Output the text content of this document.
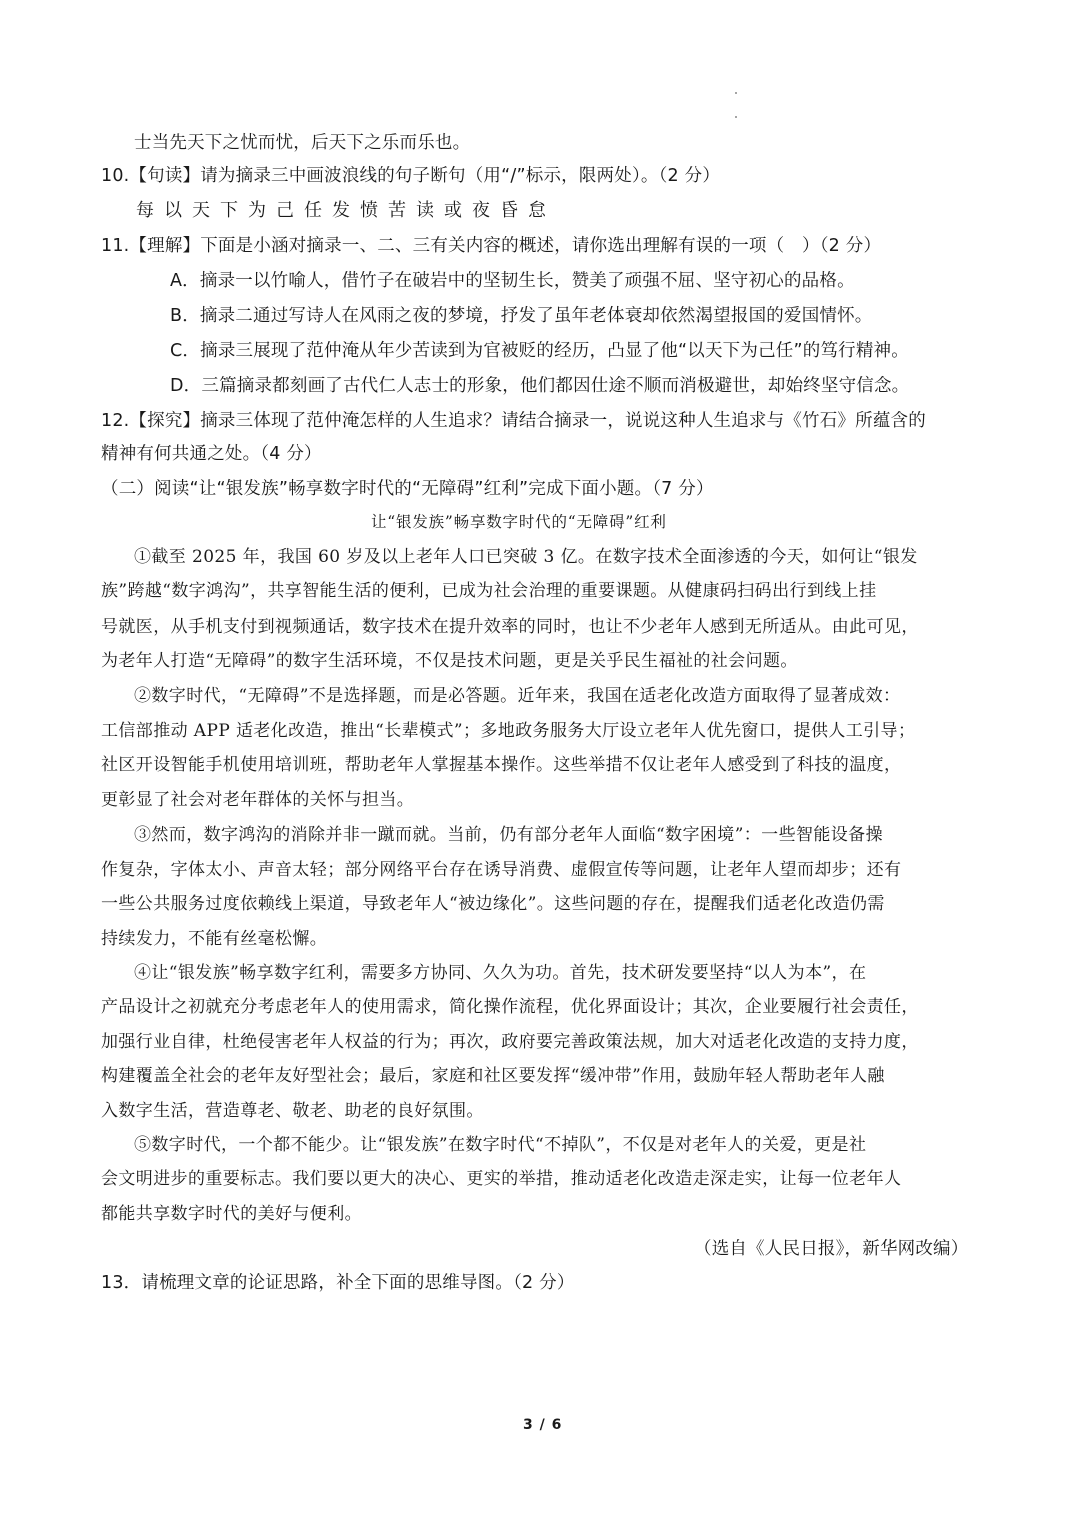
士当先天下之忧而忧，后天下之乐而乐也。
10.【句读】请为摘录三中画波浪线的句子断句（用“/”标示，限两处）。（2 分）
每以天下为己任发愤苦读或夜昏怠
11.【理解】下面是小涵对摘录一、二、三有关内容的概述，请你选出理解有误的一项（　）（2 分）
A．摘录一以竹喻人，借竹子在破岩中的坚韧生长，赞美了顽强不屈、坚守初心的品格。
B．摘录二通过写诗人在风雨之夜的梦境，抒发了虽年老体衰却依然渴望报国的爱国情怀。
C．摘录三展现了范仲淹从年少苦读到为官被贬的经历，凸显了他“以天下为己任”的笃行精神。
D．三篇摘录都刻画了古代仁人志士的形象，他们都因仕途不顺而消极避世，却始终坚守信念。
12.【探究】摘录三体现了范仲淹怎样的人生追求？请结合摘录一，说说这种人生追求与《竹石》所蕴含的
精神有何共通之处。（4 分）
（二）阅读“让“银发族”畅享数字时代的“无障碍”红利”完成下面小题。（7 分）
让“银发族”畅享数字时代的“无障碍”红利
①截至 2025 年，我国 60 岁及以上老年人口已突破 3 亿。在数字技术全面渗透的今天，如何让“银发
族”跨越“数字鸿沟”，共享智能生活的便利，已成为社会治理的重要课题。从健康码扫码出行到线上挂
号就医，从手机支付到视频通话，数字技术在提升效率的同时，也让不少老年人感到无所适从。由此可见，
为老年人打造“无障碍”的数字生活环境，不仅是技术问题，更是关乎民生福祉的社会问题。
②数字时代，“无障碍”不是选择题，而是必答题。近年来，我国在适老化改造方面取得了显著成效：
工信部推动 APP 适老化改造，推出“长辈模式”；多地政务服务大厅设立老年人优先窗口，提供人工引导；
社区开设智能手机使用培训班，帮助老年人掌握基本操作。这些举措不仅让老年人感受到了科技的温度，
更彰显了社会对老年群体的关怀与担当。
③然而，数字鸿沟的消除并非一蹴而就。当前，仍有部分老年人面临“数字困境”：一些智能设备操
作复杂，字体太小、声音太轻；部分网络平台存在诱导消费、虚假宣传等问题，让老年人望而却步；还有
一些公共服务过度依赖线上渠道，导致老年人“被边缘化”。这些问题的存在，提醒我们适老化改造仍需
持续发力，不能有丝毫松懈。
④让“银发族”畅享数字红利，需要多方协同、久久为功。首先，技术研发要坚持“以人为本”，在
产品设计之初就充分考虑老年人的使用需求，简化操作流程，优化界面设计；其次，企业要履行社会责任，
加强行业自律，杜绝侵害老年人权益的行为；再次，政府要完善政策法规，加大对适老化改造的支持力度，
构建覆盖全社会的老年友好型社会；最后，家庭和社区要发挥“缓冲带”作用，鼓励年轻人帮助老年人融
入数字生活，营造尊老、敬老、助老的良好氛围。
⑤数字时代，一个都不能少。让“银发族”在数字时代“不掉队”，不仅是对老年人的关爱，更是社
会文明进步的重要标志。我们要以更大的决心、更实的举措，推动适老化改造走深走实，让每一位老年人
都能共享数字时代的美好与便利。
（选自《人民日报》，新华网改编）
13．请梳理文章的论证思路，补全下面的思维导图。（2 分）
3 / 6
